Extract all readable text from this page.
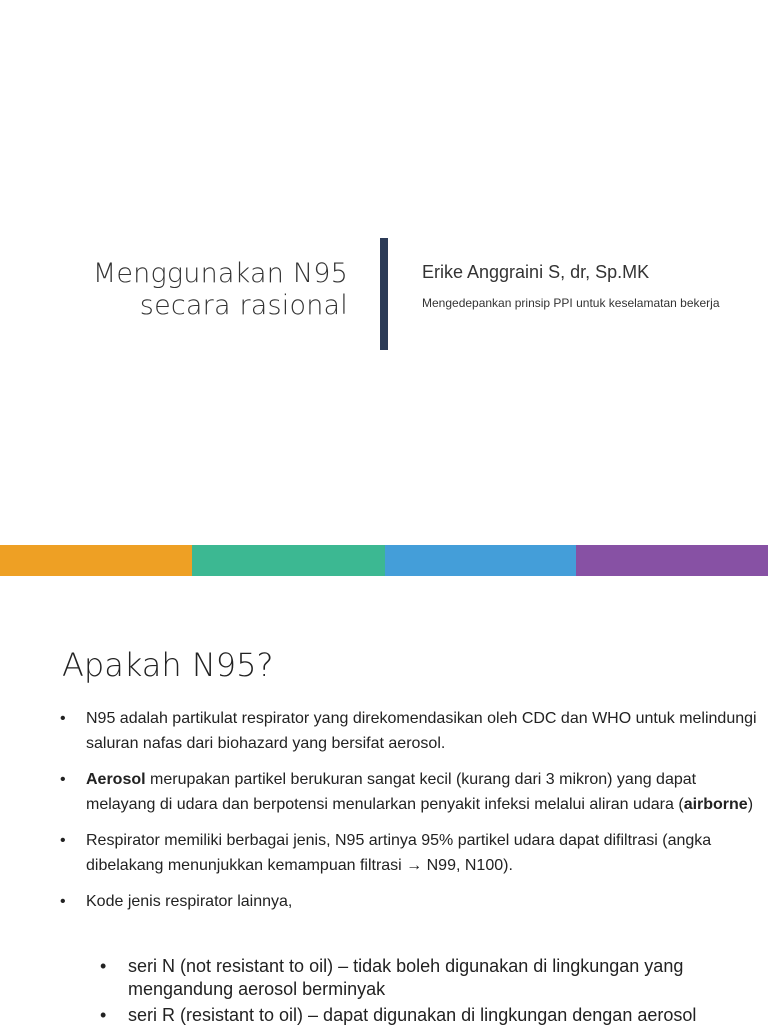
Menggunakan N95
secara rasional
Erike Anggraini S, dr, Sp.MK
Mengedepankan prinsip PPI untuk keselamatan bekerja
Apakah N95?
• N95 adalah partikulat respirator yang direkomendasikan oleh CDC dan WHO untuk melindungi saluran nafas dari biohazard yang bersifat aerosol.
• Aerosol merupakan partikel berukuran sangat kecil (kurang dari 3 mikron) yang dapat melayang di udara dan berpotensi menularkan penyakit infeksi melalui aliran udara (airborne)
• Respirator memiliki berbagai jenis, N95 artinya 95% partikel udara dapat difiltrasi (angka dibelakang menunjukkan kemampuan filtrasi → N99, N100).
• Kode jenis respirator lainnya,
• seri N (not resistant to oil) – tidak boleh digunakan di lingkungan yang mengandung aerosol berminyak
• seri R (resistant to oil) – dapat digunakan di lingkungan dengan aerosol
